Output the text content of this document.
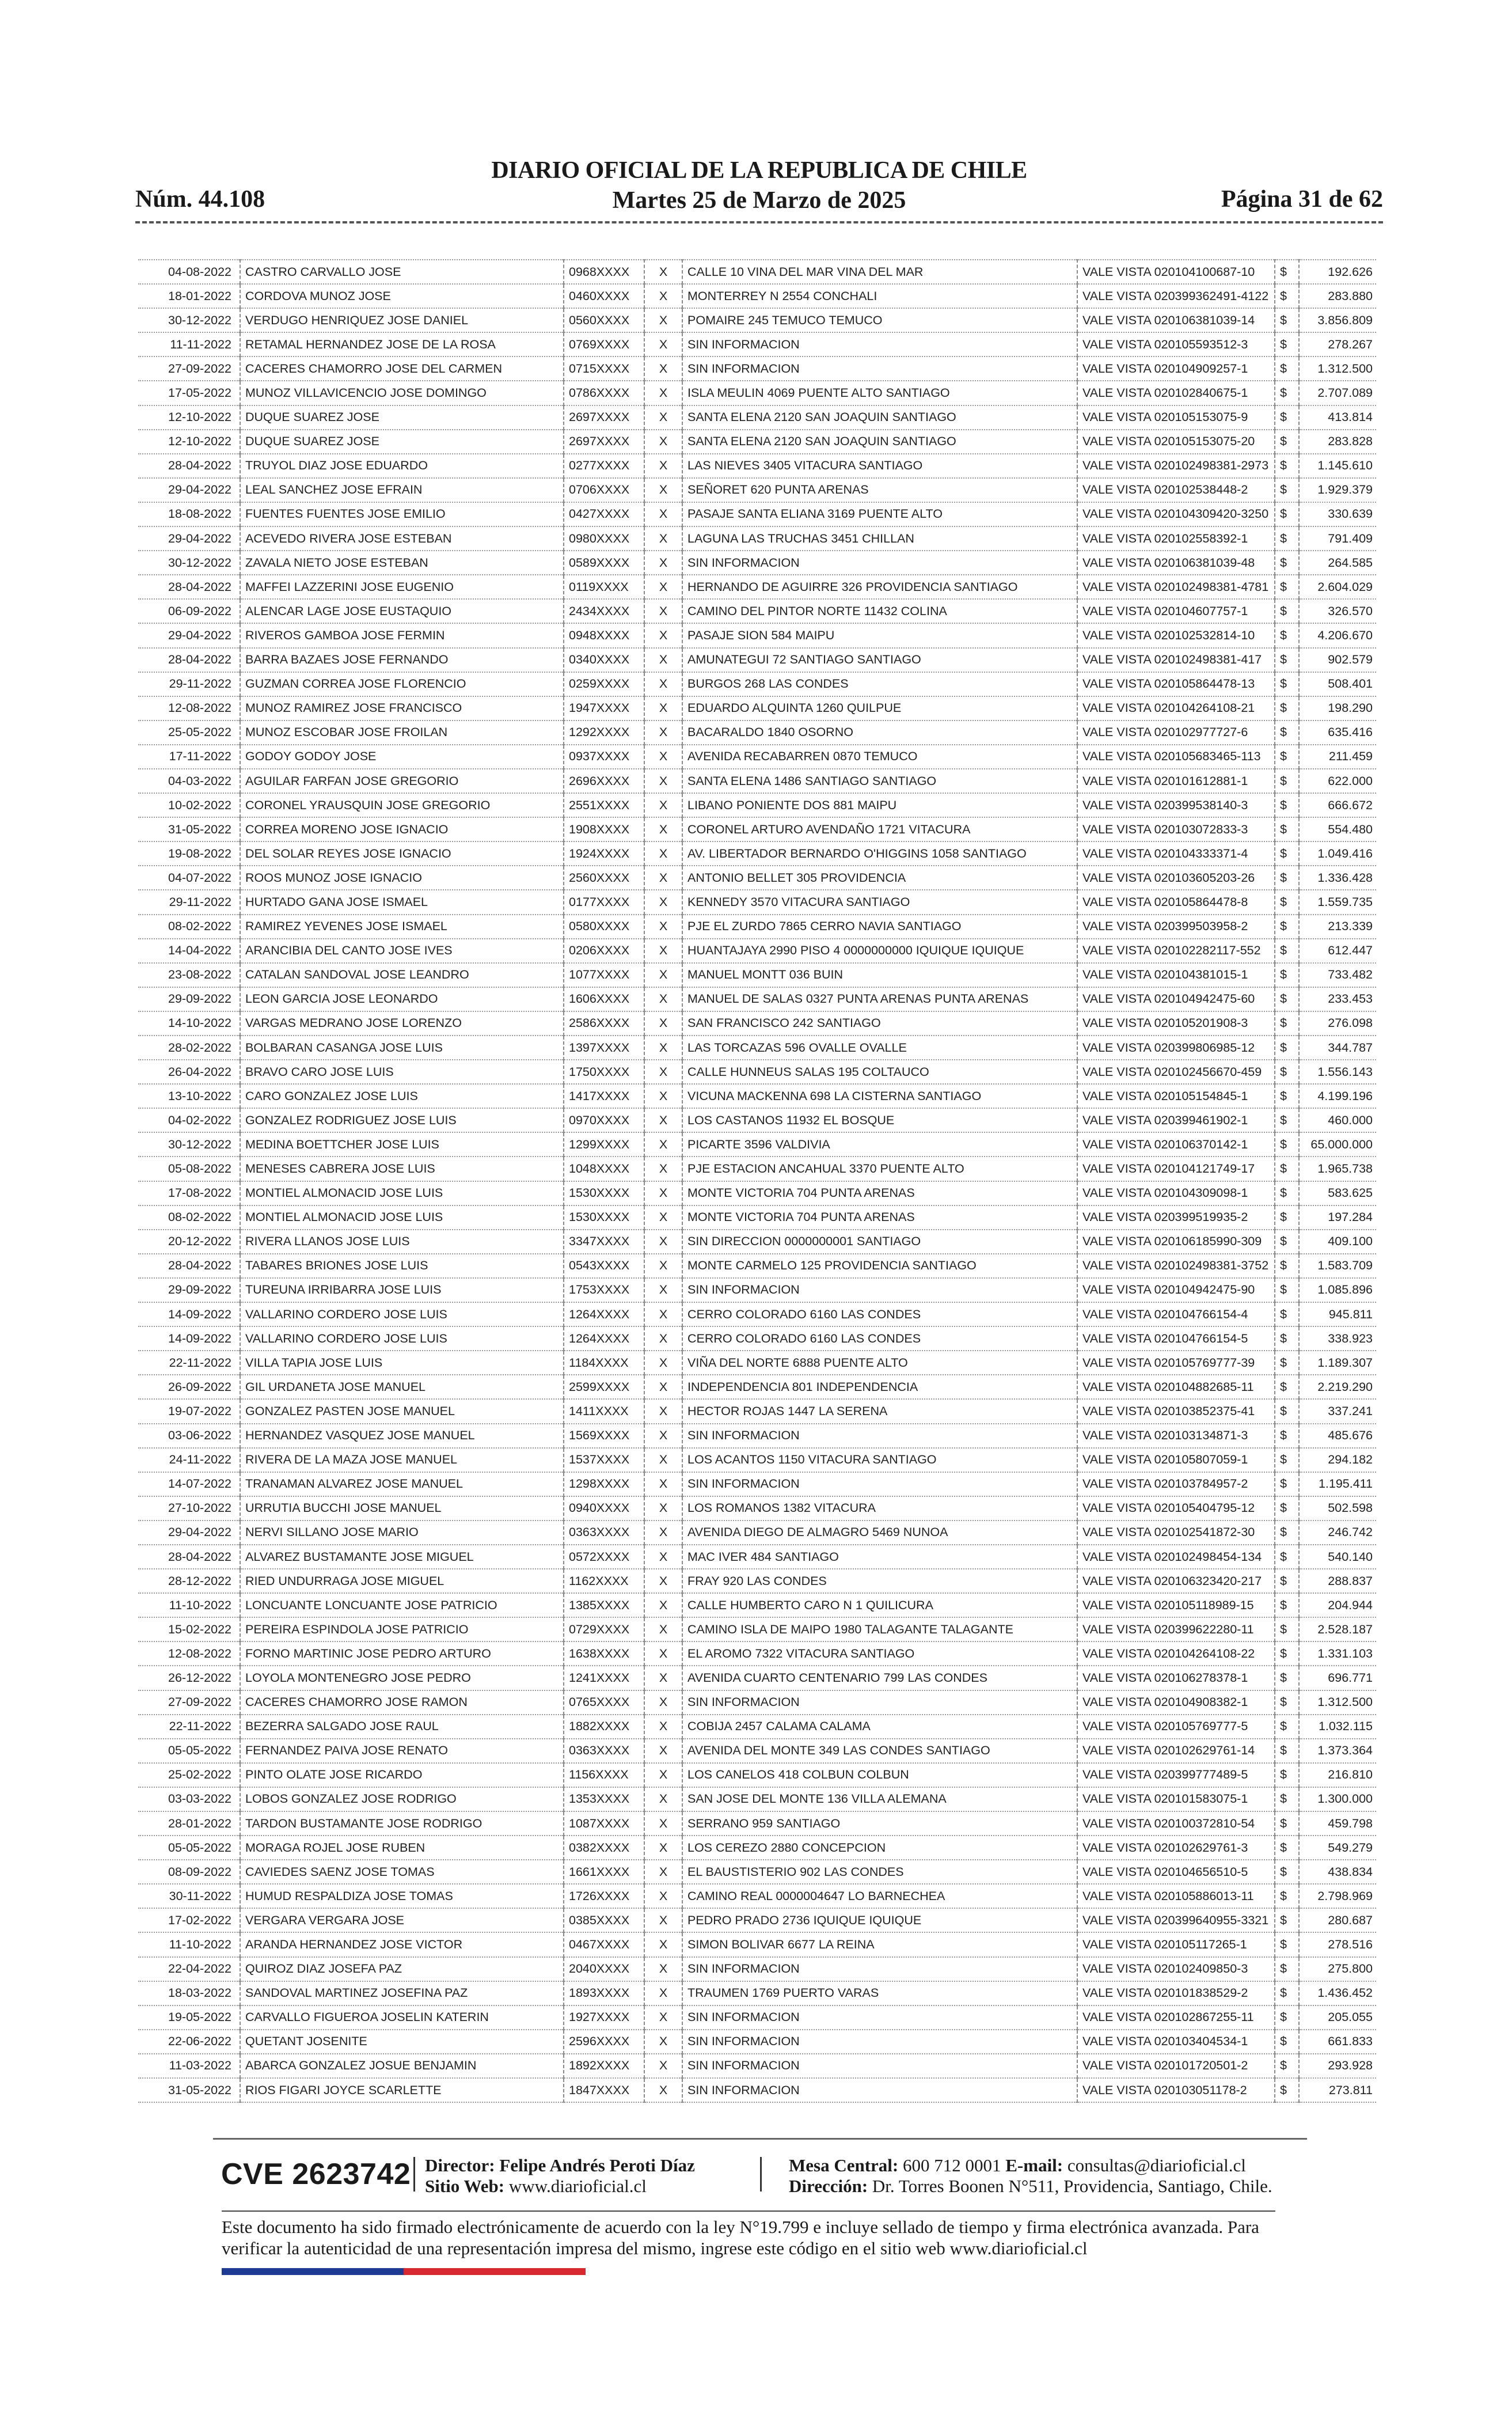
Núm. 44.108
DIARIO OFICIAL DE LA REPUBLICA DE CHILE
Martes 25 de Marzo de 2025	Página 31 de 62
04-08-2022	CASTRO CARVALLO JOSE	0968XXXX	X	CALLE 10 VINA DEL MAR VINA DEL MAR	VALE VISTA 020104100687-10	$	192.626
18-01-2022	CORDOVA MUNOZ JOSE	0460XXXX	X	MONTERREY N 2554 CONCHALI	VALE VISTA 020399362491-4122	$	283.880
30-12-2022	VERDUGO HENRIQUEZ JOSE DANIEL	0560XXXX	X	POMAIRE 245 TEMUCO TEMUCO	VALE VISTA 020106381039-14	$	3.856.809
11-11-2022	RETAMAL HERNANDEZ JOSE DE LA ROSA	0769XXXX	X	SIN INFORMACION	VALE VISTA 020105593512-3	$	278.267
27-09-2022	CACERES CHAMORRO JOSE DEL CARMEN	0715XXXX	X	SIN INFORMACION	VALE VISTA 020104909257-1	$	1.312.500
17-05-2022	MUNOZ VILLAVICENCIO JOSE DOMINGO	0786XXXX	X	ISLA MEULIN 4069 PUENTE ALTO SANTIAGO	VALE VISTA 020102840675-1	$	2.707.089
12-10-2022	DUQUE SUAREZ JOSE	2697XXXX	X	SANTA ELENA 2120 SAN JOAQUIN SANTIAGO	VALE VISTA 020105153075-9	$	413.814
12-10-2022	DUQUE SUAREZ JOSE	2697XXXX	X	SANTA ELENA 2120 SAN JOAQUIN SANTIAGO	VALE VISTA 020105153075-20	$	283.828
28-04-2022	TRUYOL DIAZ JOSE EDUARDO	0277XXXX	X	LAS NIEVES 3405 VITACURA SANTIAGO	VALE VISTA 020102498381-2973	$	1.145.610
29-04-2022	LEAL SANCHEZ JOSE EFRAIN	0706XXXX	X	SEÑORET 620 PUNTA ARENAS	VALE VISTA 020102538448-2	$	1.929.379
18-08-2022	FUENTES FUENTES JOSE EMILIO	0427XXXX	X	PASAJE SANTA ELIANA 3169 PUENTE ALTO	VALE VISTA 020104309420-3250	$	330.639
29-04-2022	ACEVEDO RIVERA JOSE ESTEBAN	0980XXXX	X	LAGUNA LAS TRUCHAS 3451 CHILLAN	VALE VISTA 020102558392-1	$	791.409
30-12-2022	ZAVALA NIETO JOSE ESTEBAN	0589XXXX	X	SIN INFORMACION	VALE VISTA 020106381039-48	$	264.585
28-04-2022	MAFFEI LAZZERINI JOSE EUGENIO	0119XXXX	X	HERNANDO DE AGUIRRE 326 PROVIDENCIA SANTIAGO	VALE VISTA 020102498381-4781	$	2.604.029
06-09-2022	ALENCAR LAGE JOSE EUSTAQUIO	2434XXXX	X	CAMINO DEL PINTOR NORTE 11432 COLINA	VALE VISTA 020104607757-1	$	326.570
29-04-2022	RIVEROS GAMBOA JOSE FERMIN	0948XXXX	X	PASAJE SION 584 MAIPU	VALE VISTA 020102532814-10	$	4.206.670
28-04-2022	BARRA BAZAES JOSE FERNANDO	0340XXXX	X	AMUNATEGUI 72 SANTIAGO SANTIAGO	VALE VISTA 020102498381-417	$	902.579
29-11-2022	GUZMAN CORREA JOSE FLORENCIO	0259XXXX	X	BURGOS 268 LAS CONDES	VALE VISTA 020105864478-13	$	508.401
12-08-2022	MUNOZ RAMIREZ JOSE FRANCISCO	1947XXXX	X	EDUARDO ALQUINTA 1260 QUILPUE	VALE VISTA 020104264108-21	$	198.290
25-05-2022	MUNOZ ESCOBAR JOSE FROILAN	1292XXXX	X	BACARALDO 1840 OSORNO	VALE VISTA 020102977727-6	$	635.416
17-11-2022	GODOY GODOY JOSE	0937XXXX	X	AVENIDA RECABARREN 0870 TEMUCO	VALE VISTA 020105683465-113	$	211.459
04-03-2022	AGUILAR FARFAN JOSE GREGORIO	2696XXXX	X	SANTA ELENA 1486 SANTIAGO SANTIAGO	VALE VISTA 020101612881-1	$	622.000
10-02-2022	CORONEL YRAUSQUIN JOSE GREGORIO	2551XXXX	X	LIBANO PONIENTE DOS 881 MAIPU	VALE VISTA 020399538140-3	$	666.672
31-05-2022	CORREA MORENO JOSE IGNACIO	1908XXXX	X	CORONEL ARTURO AVENDAÑO 1721 VITACURA	VALE VISTA 020103072833-3	$	554.480
19-08-2022	DEL SOLAR REYES JOSE IGNACIO	1924XXXX	X	AV. LIBERTADOR BERNARDO O'HIGGINS 1058 SANTIAGO	VALE VISTA 020104333371-4	$	1.049.416
04-07-2022	ROOS MUNOZ JOSE IGNACIO	2560XXXX	X	ANTONIO BELLET 305 PROVIDENCIA	VALE VISTA 020103605203-26	$	1.336.428
29-11-2022	HURTADO GANA JOSE ISMAEL	0177XXXX	X	KENNEDY 3570 VITACURA SANTIAGO	VALE VISTA 020105864478-8	$	1.559.735
08-02-2022	RAMIREZ YEVENES JOSE ISMAEL	0580XXXX	X	PJE EL ZURDO 7865 CERRO NAVIA SANTIAGO	VALE VISTA 020399503958-2	$	213.339
14-04-2022	ARANCIBIA DEL CANTO JOSE IVES	0206XXXX	X	HUANTAJAYA 2990 PISO 4 0000000000 IQUIQUE IQUIQUE	VALE VISTA 020102282117-552	$	612.447
23-08-2022	CATALAN SANDOVAL JOSE LEANDRO	1077XXXX	X	MANUEL MONTT 036 BUIN	VALE VISTA 020104381015-1	$	733.482
29-09-2022	LEON GARCIA JOSE LEONARDO	1606XXXX	X	MANUEL DE SALAS 0327 PUNTA ARENAS PUNTA ARENAS	VALE VISTA 020104942475-60	$	233.453
14-10-2022	VARGAS MEDRANO JOSE LORENZO	2586XXXX	X	SAN FRANCISCO 242 SANTIAGO	VALE VISTA 020105201908-3	$	276.098
28-02-2022	BOLBARAN CASANGA JOSE LUIS	1397XXXX	X	LAS TORCAZAS 596 OVALLE OVALLE	VALE VISTA 020399806985-12	$	344.787
26-04-2022	BRAVO CARO JOSE LUIS	1750XXXX	X	CALLE HUNNEUS SALAS 195 COLTAUCO	VALE VISTA 020102456670-459	$	1.556.143
13-10-2022	CARO GONZALEZ JOSE LUIS	1417XXXX	X	VICUNA MACKENNA 698 LA CISTERNA SANTIAGO	VALE VISTA 020105154845-1	$	4.199.196
04-02-2022	GONZALEZ RODRIGUEZ JOSE LUIS	0970XXXX	X	LOS CASTANOS 11932 EL BOSQUE	VALE VISTA 020399461902-1	$	460.000
30-12-2022	MEDINA BOETTCHER JOSE LUIS	1299XXXX	X	PICARTE 3596 VALDIVIA	VALE VISTA 020106370142-1	$	65.000.000
05-08-2022	MENESES CABRERA JOSE LUIS	1048XXXX	X	PJE ESTACION ANCAHUAL 3370 PUENTE ALTO	VALE VISTA 020104121749-17	$	1.965.738
17-08-2022	MONTIEL ALMONACID JOSE LUIS	1530XXXX	X	MONTE VICTORIA 704 PUNTA ARENAS	VALE VISTA 020104309098-1	$	583.625
08-02-2022	MONTIEL ALMONACID JOSE LUIS	1530XXXX	X	MONTE VICTORIA 704 PUNTA ARENAS	VALE VISTA 020399519935-2	$	197.284
20-12-2022	RIVERA LLANOS JOSE LUIS	3347XXXX	X	SIN DIRECCION 0000000001 SANTIAGO	VALE VISTA 020106185990-309	$	409.100
28-04-2022	TABARES BRIONES JOSE LUIS	0543XXXX	X	MONTE CARMELO 125 PROVIDENCIA SANTIAGO	VALE VISTA 020102498381-3752	$	1.583.709
29-09-2022	TUREUNA IRRIBARRA JOSE LUIS	1753XXXX	X	SIN INFORMACION	VALE VISTA 020104942475-90	$	1.085.896
14-09-2022	VALLARINO CORDERO JOSE LUIS	1264XXXX	X	CERRO COLORADO 6160 LAS CONDES	VALE VISTA 020104766154-4	$	945.811
14-09-2022	VALLARINO CORDERO JOSE LUIS	1264XXXX	X	CERRO COLORADO 6160 LAS CONDES	VALE VISTA 020104766154-5	$	338.923
22-11-2022	VILLA TAPIA JOSE LUIS	1184XXXX	X	VIÑA DEL NORTE 6888 PUENTE ALTO	VALE VISTA 020105769777-39	$	1.189.307
26-09-2022	GIL URDANETA JOSE MANUEL	2599XXXX	X	INDEPENDENCIA 801 INDEPENDENCIA	VALE VISTA 020104882685-11	$	2.219.290
19-07-2022	GONZALEZ PASTEN JOSE MANUEL	1411XXXX	X	HECTOR ROJAS 1447 LA SERENA	VALE VISTA 020103852375-41	$	337.241
03-06-2022	HERNANDEZ VASQUEZ JOSE MANUEL	1569XXXX	X	SIN INFORMACION	VALE VISTA 020103134871-3	$	485.676
24-11-2022	RIVERA DE LA MAZA JOSE MANUEL	1537XXXX	X	LOS ACANTOS 1150 VITACURA SANTIAGO	VALE VISTA 020105807059-1	$	294.182
14-07-2022	TRANAMAN ALVAREZ JOSE MANUEL	1298XXXX	X	SIN INFORMACION	VALE VISTA 020103784957-2	$	1.195.411
27-10-2022	URRUTIA BUCCHI JOSE MANUEL	0940XXXX	X	LOS ROMANOS 1382 VITACURA	VALE VISTA 020105404795-12	$	502.598
29-04-2022	NERVI SILLANO JOSE MARIO	0363XXXX	X	AVENIDA DIEGO DE ALMAGRO 5469 NUNOA	VALE VISTA 020102541872-30	$	246.742
28-04-2022	ALVAREZ BUSTAMANTE JOSE MIGUEL	0572XXXX	X	MAC IVER 484 SANTIAGO	VALE VISTA 020102498454-134	$	540.140
28-12-2022	RIED UNDURRAGA JOSE MIGUEL	1162XXXX	X	FRAY 920 LAS CONDES	VALE VISTA 020106323420-217	$	288.837
11-10-2022	LONCUANTE LONCUANTE JOSE PATRICIO	1385XXXX	X	CALLE HUMBERTO CARO N 1 QUILICURA	VALE VISTA 020105118989-15	$	204.944
15-02-2022	PEREIRA ESPINDOLA JOSE PATRICIO	0729XXXX	X	CAMINO ISLA DE MAIPO 1980 TALAGANTE TALAGANTE	VALE VISTA 020399622280-11	$	2.528.187
12-08-2022	FORNO MARTINIC JOSE PEDRO ARTURO	1638XXXX	X	EL AROMO 7322 VITACURA SANTIAGO	VALE VISTA 020104264108-22	$	1.331.103
26-12-2022	LOYOLA MONTENEGRO JOSE PEDRO	1241XXXX	X	AVENIDA CUARTO CENTENARIO 799 LAS CONDES	VALE VISTA 020106278378-1	$	696.771
27-09-2022	CACERES CHAMORRO JOSE RAMON	0765XXXX	X	SIN INFORMACION	VALE VISTA 020104908382-1	$	1.312.500
22-11-2022	BEZERRA SALGADO JOSE RAUL	1882XXXX	X	COBIJA 2457 CALAMA CALAMA	VALE VISTA 020105769777-5	$	1.032.115
05-05-2022	FERNANDEZ PAIVA JOSE RENATO	0363XXXX	X	AVENIDA DEL MONTE 349 LAS CONDES SANTIAGO	VALE VISTA 020102629761-14	$	1.373.364
25-02-2022	PINTO OLATE JOSE RICARDO	1156XXXX	X	LOS CANELOS 418 COLBUN COLBUN	VALE VISTA 020399777489-5	$	216.810
03-03-2022	LOBOS GONZALEZ JOSE RODRIGO	1353XXXX	X	SAN JOSE DEL MONTE 136 VILLA ALEMANA	VALE VISTA 020101583075-1	$	1.300.000
28-01-2022	TARDON BUSTAMANTE JOSE RODRIGO	1087XXXX	X	SERRANO 959 SANTIAGO	VALE VISTA 020100372810-54	$	459.798
05-05-2022	MORAGA ROJEL JOSE RUBEN	0382XXXX	X	LOS CEREZO 2880 CONCEPCION	VALE VISTA 020102629761-3	$	549.279
08-09-2022	CAVIEDES SAENZ JOSE TOMAS	1661XXXX	X	EL BAUSTISTERIO 902 LAS CONDES	VALE VISTA 020104656510-5	$	438.834
30-11-2022	HUMUD RESPALDIZA JOSE TOMAS	1726XXXX	X	CAMINO REAL 0000004647 LO BARNECHEA	VALE VISTA 020105886013-11	$	2.798.969
17-02-2022	VERGARA VERGARA JOSE	0385XXXX	X	PEDRO PRADO 2736 IQUIQUE IQUIQUE	VALE VISTA 020399640955-3321	$	280.687
11-10-2022	ARANDA HERNANDEZ JOSE VICTOR	0467XXXX	X	SIMON BOLIVAR 6677 LA REINA	VALE VISTA 020105117265-1	$	278.516
22-04-2022	QUIROZ DIAZ JOSEFA PAZ	2040XXXX	X	SIN INFORMACION	VALE VISTA 020102409850-3	$	275.800
18-03-2022	SANDOVAL MARTINEZ JOSEFINA PAZ	1893XXXX	X	TRAUMEN 1769 PUERTO VARAS	VALE VISTA 020101838529-2	$	1.436.452
19-05-2022	CARVALLO FIGUEROA JOSELIN KATERIN	1927XXXX	X	SIN INFORMACION	VALE VISTA 020102867255-11	$	205.055
22-06-2022	QUETANT JOSENITE	2596XXXX	X	SIN INFORMACION	VALE VISTA 020103404534-1	$	661.833
11-03-2022	ABARCA GONZALEZ JOSUE BENJAMIN	1892XXXX	X	SIN INFORMACION	VALE VISTA 020101720501-2	$	293.928
31-05-2022	RIOS FIGARI JOYCE SCARLETTE	1847XXXX	X	SIN INFORMACION	VALE VISTA 020103051178-2	$	273.811
CVE 2623742 Director: Felipe Andrés Peroti Díaz
Sitio Web: www.diarioficial.cl
Mesa Central: 600 712 0001 E-mail: consultas@diarioficial.cl
Dirección: Dr. Torres Boonen N°511, Providencia, Santiago, Chile.
Este documento ha sido firmado electrónicamente de acuerdo con la ley N°19.799 e incluye sellado de tiempo y firma electrónica avanzada. Para verificar la autenticidad de una representación impresa del mismo, ingrese este código en el sitio web www.diarioficial.cl
